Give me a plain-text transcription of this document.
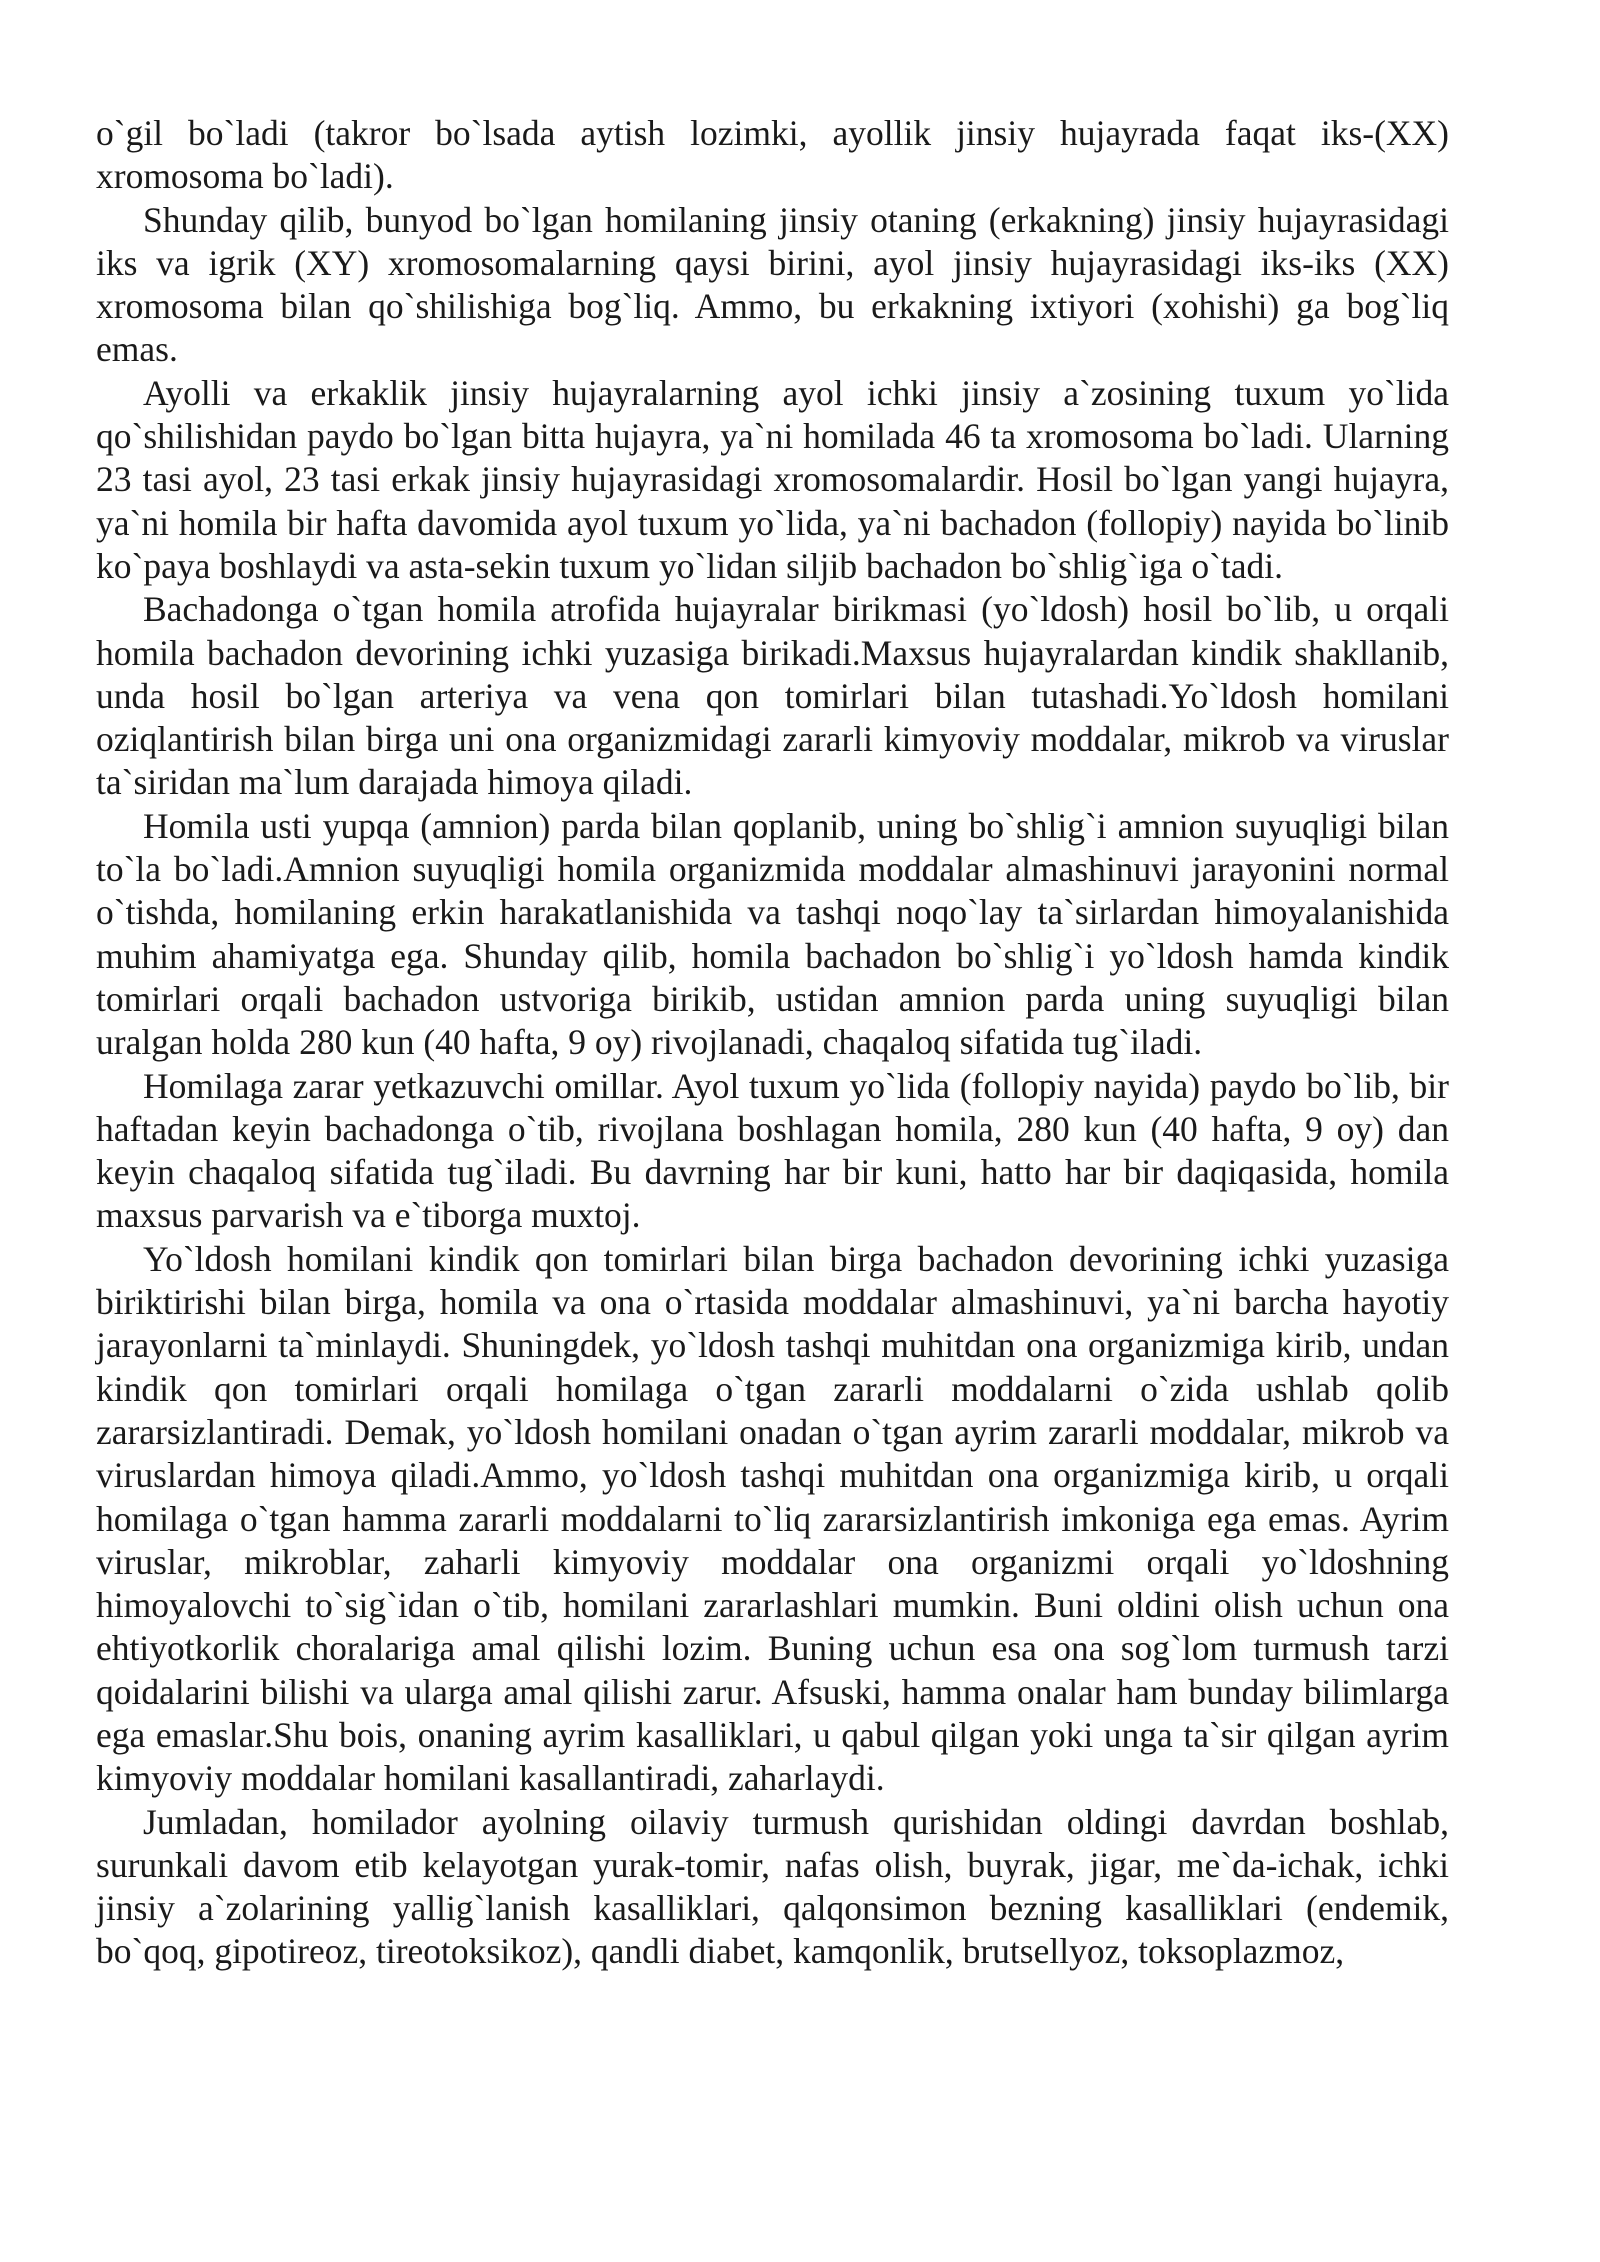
o`gil bo`ladi (takror bo`lsada aytish lozimki, ayollik jinsiy hujayrada faqat iks-(XX) xromosoma bo`ladi).

Shunday qilib, bunyod bo`lgan homilaning jinsiy otaning (erkakning) jinsiy hujayrasidagi iks va igrik (XY) xromosomalarning qaysi birini, ayol jinsiy hujayrasidagi iks-iks (XX) xromosoma bilan qo`shilishiga bog`liq. Ammo, bu erkakning ixtiyori (xohishi) ga bog`liq emas.

Ayolli va erkaklik jinsiy hujayralarning ayol ichki jinsiy a`zosining tuxum yo`lida qo`shilishidan paydo bo`lgan bitta hujayra, ya`ni homilada 46 ta xromosoma bo`ladi. Ularning 23 tasi ayol, 23 tasi erkak jinsiy hujayrasidagi xromosomalardir. Hosil bo`lgan yangi hujayra, ya`ni homila bir hafta davomida ayol tuxum yo`lida, ya`ni bachadon (follopiy) nayida bo`linib ko`paya boshlaydi va asta-sekin tuxum yo`lidan siljib bachadon bo`shlig`iga o`tadi.

Bachadonga o`tgan homila atrofida hujayralar birikmasi (yo`ldosh) hosil bo`lib, u orqali homila bachadon devorining ichki yuzasiga birikadi.Maxsus hujayralardan kindik shakllanib, unda hosil bo`lgan arteriya va vena qon tomirlari bilan tutashadi.Yo`ldosh homilani oziqlantirish bilan birga uni ona organizmidagi zararli kimyoviy moddalar, mikrob va viruslar ta`siridan ma`lum darajada himoya qiladi.

Homila usti yupqa (amnion) parda bilan qoplanib, uning bo`shlig`i amnion suyuqligi bilan to`la bo`ladi.Amnion suyuqligi homila organizmida moddalar almashinuvi jarayonini normal o`tishda, homilaning erkin harakatlanishida va tashqi noqo`lay ta`sirlardan himoyalanishida muhim ahamiyatga ega. Shunday qilib, homila bachadon bo`shlig`i yo`ldosh hamda kindik tomirlari orqali bachadon ustvoriga birikib, ustidan amnion parda uning suyuqligi bilan uralgan holda 280 kun (40 hafta, 9 oy) rivojlanadi, chaqaloq sifatida tug`iladi.

Homilaga zarar yetkazuvchi omillar. Ayol tuxum yo`lida (follopiy nayida) paydo bo`lib, bir haftadan keyin bachadonga o`tib, rivojlana boshlagan homila, 280 kun (40 hafta, 9 oy) dan keyin chaqaloq sifatida tug`iladi. Bu davrning har bir kuni, hatto har bir daqiqasida, homila maxsus parvarish va e`tiborga muxtoj.

Yo`ldosh homilani kindik qon tomirlari bilan birga bachadon devorining ichki yuzasiga biriktirishi bilan birga, homila va ona o`rtasida moddalar almashinuvi, ya`ni barcha hayotiy jarayonlarni ta`minlaydi. Shuningdek, yo`ldosh tashqi muhitdan ona organizmiga kirib, undan kindik qon tomirlari orqali homilaga o`tgan zararli moddalarni o`zida ushlab qolib zararsizlantiradi. Demak, yo`ldosh homilani onadan o`tgan ayrim zararli moddalar, mikrob va viruslardan himoya qiladi.Ammo, yo`ldosh tashqi muhitdan ona organizmiga kirib, u orqali homilaga o`tgan hamma zararli moddalarni to`liq zararsizlantirish imkoniga ega emas. Ayrim viruslar, mikroblar, zaharli kimyoviy moddalar ona organizmi orqali yo`ldoshning himoyalovchi to`sig`idan o`tib, homilani zararlashlari mumkin. Buni oldini olish uchun ona ehtiyotkorlik choralariga amal qilishi lozim. Buning uchun esa ona sog`lom turmush tarzi qoidalarini bilishi va ularga amal qilishi zarur. Afsuski, hamma onalar ham bunday bilimlarga ega emaslar.Shu bois, onaning ayrim kasalliklari, u qabul qilgan yoki unga ta`sir qilgan ayrim kimyoviy moddalar homilani kasallantiradi, zaharlaydi.

Jumladan, homilador ayolning oilaviy turmush qurishidan oldingi davrdan boshlab, surunkali davom etib kelayotgan yurak-tomir, nafas olish, buyrak, jigar, me`da-ichak, ichki jinsiy a`zolarining yallig`lanish kasalliklari, qalqonsimon bezning kasalliklari (endemik, bo`qoq, gipotireoz, tireotoksikoz), qandli diabet, kamqonlik, brutsellyoz, toksoplazmoz,
